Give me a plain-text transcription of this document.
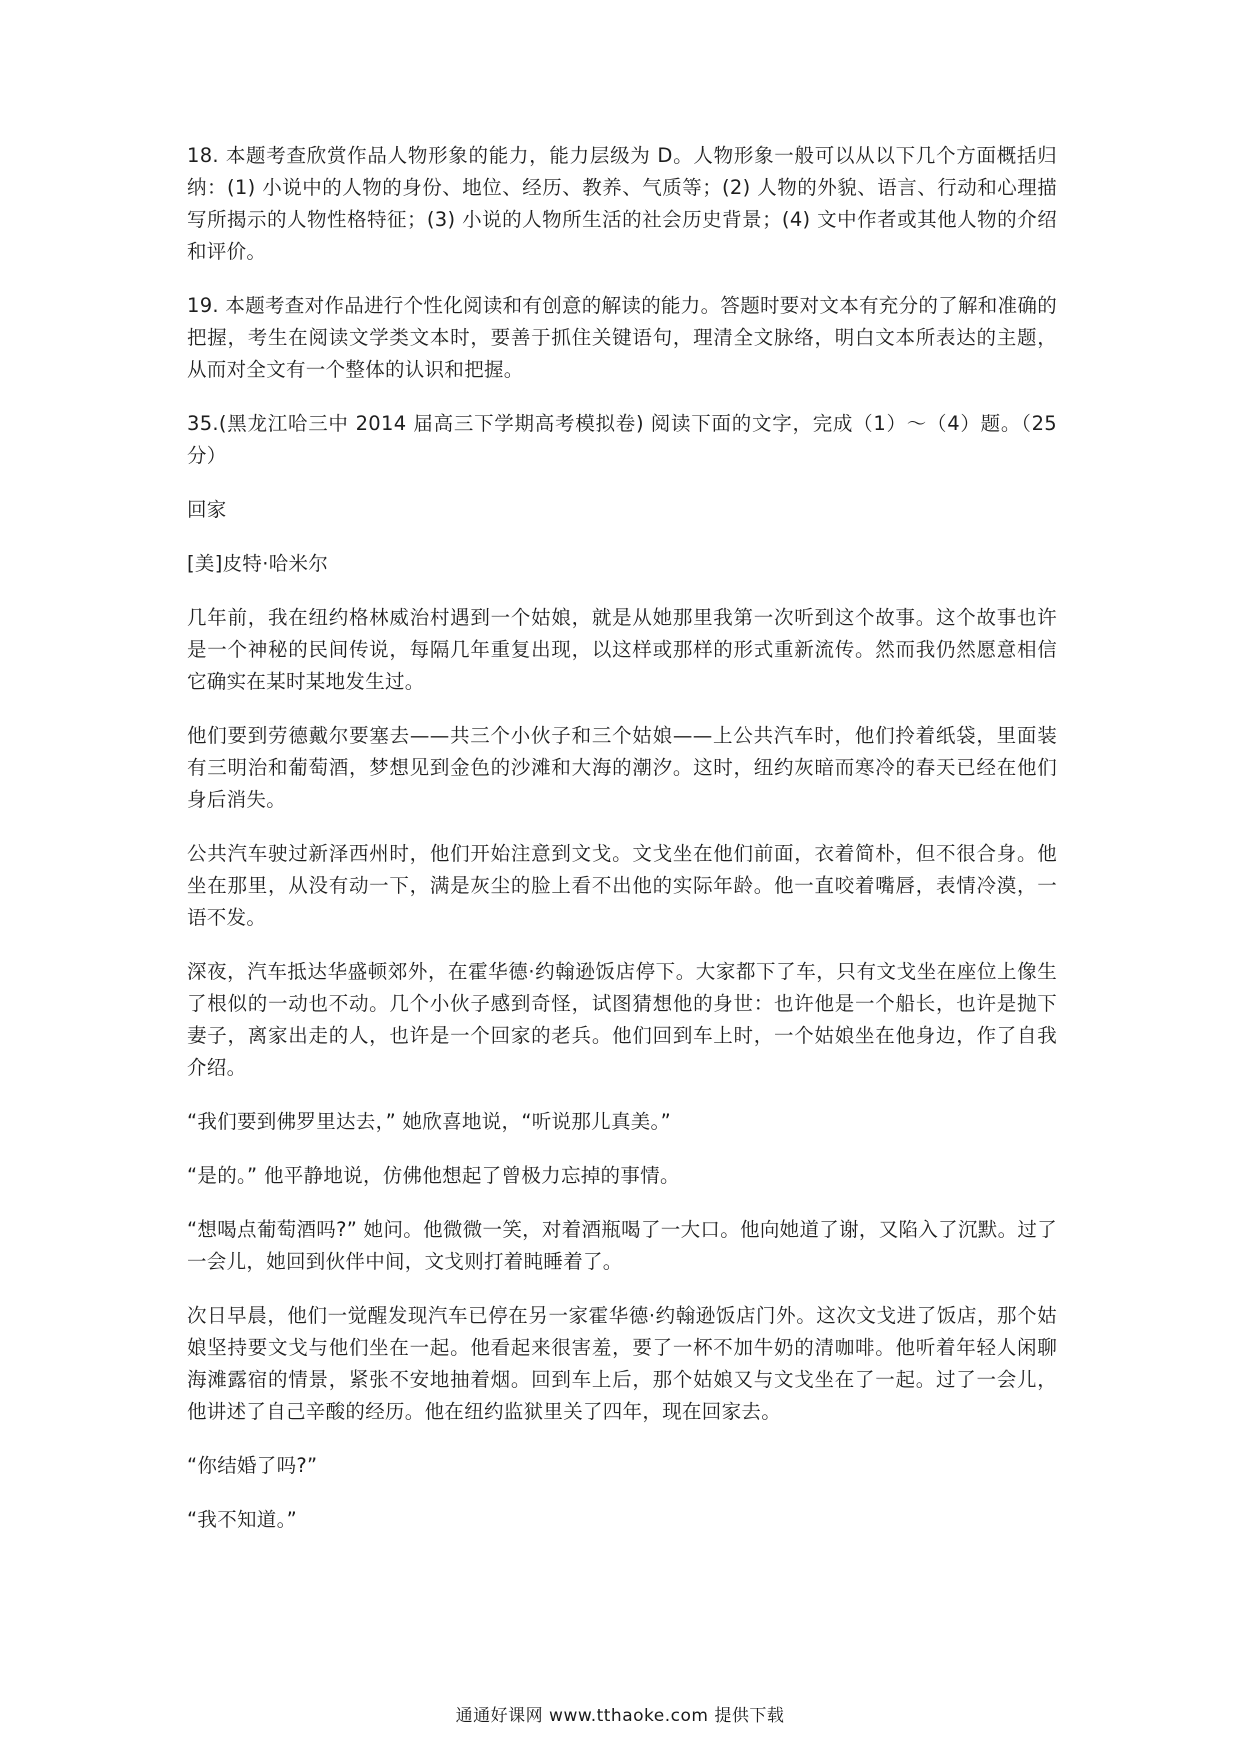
18. 本题考查欣赏作品人物形象的能力，能力层级为 D。人物形象一般可以从以下几个方面概括归纳：(1) 小说中的人物的身份、地位、经历、教养、气质等；(2) 人物的外貌、语言、行动和心理描写所揭示的人物性格特征；(3) 小说的人物所生活的社会历史背景；(4) 文中作者或其他人物的介绍和评价。

19. 本题考查对作品进行个性化阅读和有创意的解读的能力。答题时要对文本有充分的了解和准确的把握，考生在阅读文学类文本时，要善于抓住关键语句，理清全文脉络，明白文本所表达的主题，从而对全文有一个整体的认识和把握。

35.(黑龙江哈三中 2014 届高三下学期高考模拟卷) 阅读下面的文字，完成（1）～（4）题。（25 分）

回家

[美]皮特·哈米尔

几年前，我在纽约格林威治村遇到一个姑娘，就是从她那里我第一次听到这个故事。这个故事也许是一个神秘的民间传说，每隔几年重复出现，以这样或那样的形式重新流传。然而我仍然愿意相信它确实在某时某地发生过。

他们要到劳德戴尔要塞去——共三个小伙子和三个姑娘——上公共汽车时，他们拎着纸袋，里面装有三明治和葡萄酒，梦想见到金色的沙滩和大海的潮汐。这时，纽约灰暗而寒冷的春天已经在他们身后消失。

公共汽车驶过新泽西州时，他们开始注意到文戈。文戈坐在他们前面，衣着简朴，但不很合身。他坐在那里，从没有动一下，满是灰尘的脸上看不出他的实际年龄。他一直咬着嘴唇，表情冷漠，一语不发。

深夜，汽车抵达华盛顿郊外，在霍华德·约翰逊饭店停下。大家都下了车，只有文戈坐在座位上像生了根似的一动也不动。几个小伙子感到奇怪，试图猜想他的身世：也许他是一个船长，也许是抛下妻子，离家出走的人，也许是一个回家的老兵。他们回到车上时，一个姑娘坐在他身边，作了自我介绍。

“我们要到佛罗里达去，” 她欣喜地说，“听说那儿真美。”

“是的。” 他平静地说，仿佛他想起了曾极力忘掉的事情。

“想喝点葡萄酒吗?” 她问。他微微一笑，对着酒瓶喝了一大口。他向她道了谢，又陷入了沉默。过了一会儿，她回到伙伴中间，文戈则打着盹睡着了。

次日早晨，他们一觉醒发现汽车已停在另一家霍华德·约翰逊饭店门外。这次文戈进了饭店，那个姑娘坚持要文戈与他们坐在一起。他看起来很害羞，要了一杯不加牛奶的清咖啡。他听着年轻人闲聊海滩露宿的情景，紧张不安地抽着烟。回到车上后，那个姑娘又与文戈坐在了一起。过了一会儿，他讲述了自己辛酸的经历。他在纽约监狱里关了四年，现在回家去。

“你结婚了吗?”

“我不知道。”

通通好课网 www.tthaoke.com 提供下载
